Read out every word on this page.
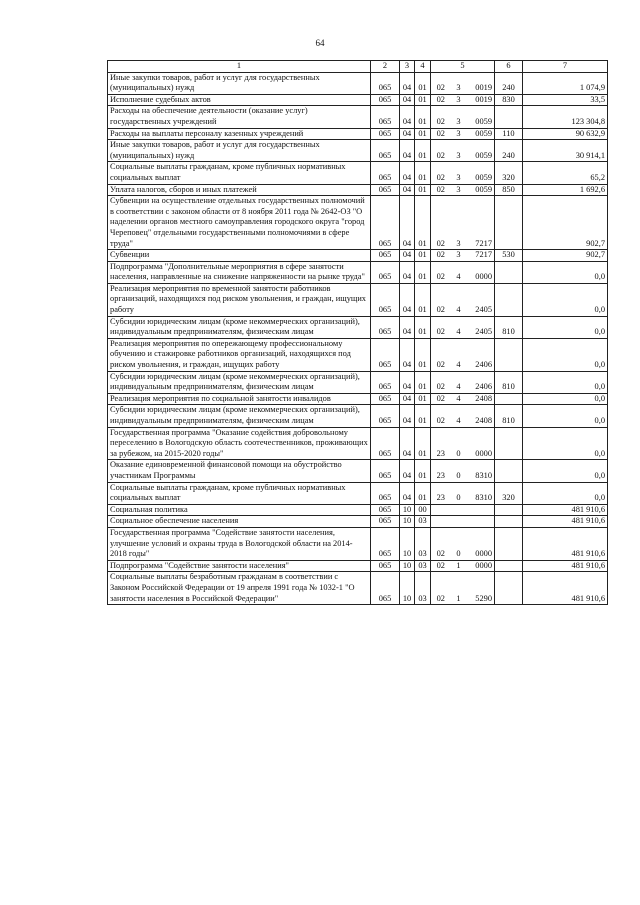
64
1	2	3	4	5			6	7
Иные закупки товаров, работ и услуг для государственных (муниципальных) нужд	065	04	01	02	3	0019	240	1 074,9
Исполнение судебных актов	065	04	01	02	3	0019	830	33,5
Расходы на обеспечение деятельности (оказание услуг) государственных учреждений	065	04	01	02	3	0059		123 304,8
Расходы на выплаты персоналу казенных учреждений	065	04	01	02	3	0059	110	90 632,9
Иные закупки товаров, работ и услуг для государственных (муниципальных) нужд	065	04	01	02	3	0059	240	30 914,1
Социальные выплаты гражданам, кроме публичных нормативных социальных выплат	065	04	01	02	3	0059	320	65,2
Уплата налогов, сборов и иных платежей	065	04	01	02	3	0059	850	1 692,6
Субвенции на осуществление отдельных государственных полномочий в соответствии с законом области от 8 ноября 2011 года № 2642-ОЗ "О наделении органов местного самоуправления городского округа "город Череповец" отдельными государственными полномочиями в сфере труда"	065	04	01	02	3	7217		902,7
Субвенции	065	04	01	02	3	7217	530	902,7
Подпрограмма "Дополнительные мероприятия в сфере занятости населения, направленные на снижение напряженности на рынке труда"	065	04	01	02	4	0000		0,0
Реализация мероприятия по временной занятости работников организаций, находящихся под риском увольнения, и граждан, ищущих работу	065	04	01	02	4	2405		0,0
Субсидии юридическим лицам (кроме некоммерческих организаций), индивидуальным предпринимателям, физическим лицам	065	04	01	02	4	2405	810	0,0
Реализация мероприятия по опережающему профессиональному обучению и стажировке работников организаций, находящихся под риском увольнения, и граждан, ищущих работу	065	04	01	02	4	2406		0,0
Субсидии юридическим лицам (кроме некоммерческих организаций), индивидуальным предпринимателям, физическим лицам	065	04	01	02	4	2406	810	0,0
Реализация мероприятия по социальной занятости инвалидов	065	04	01	02	4	2408		0,0
Субсидии юридическим лицам (кроме некоммерческих организаций), индивидуальным предпринимателям, физическим лицам	065	04	01	02	4	2408	810	0,0
Государственная программа "Оказание содействия добровольному переселению в Вологодскую область соотечественников, проживающих за рубежом, на 2015-2020 годы"	065	04	01	23	0	0000		0,0
Оказание единовременной финансовой помощи на обустройство участникам Программы	065	04	01	23	0	8310		0,0
Социальные выплаты гражданам, кроме публичных нормативных социальных выплат	065	04	01	23	0	8310	320	0,0
Социальная политика	065	10	00					481 910,6
Социальное обеспечение населения	065	10	03					481 910,6
Государственная программа "Содействие занятости населения, улучшение условий и охраны труда в Вологодской области на 2014-2018 годы"	065	10	03	02	0	0000		481 910,6
Подпрограмма "Содействие занятости населения"	065	10	03	02	1	0000		481 910,6
Социальные выплаты безработным гражданам в соответствии с Законом Российской Федерации от 19 апреля 1991 года № 1032-1 "О занятости населения в Российской Федерации"	065	10	03	02	1	5290		481 910,6
